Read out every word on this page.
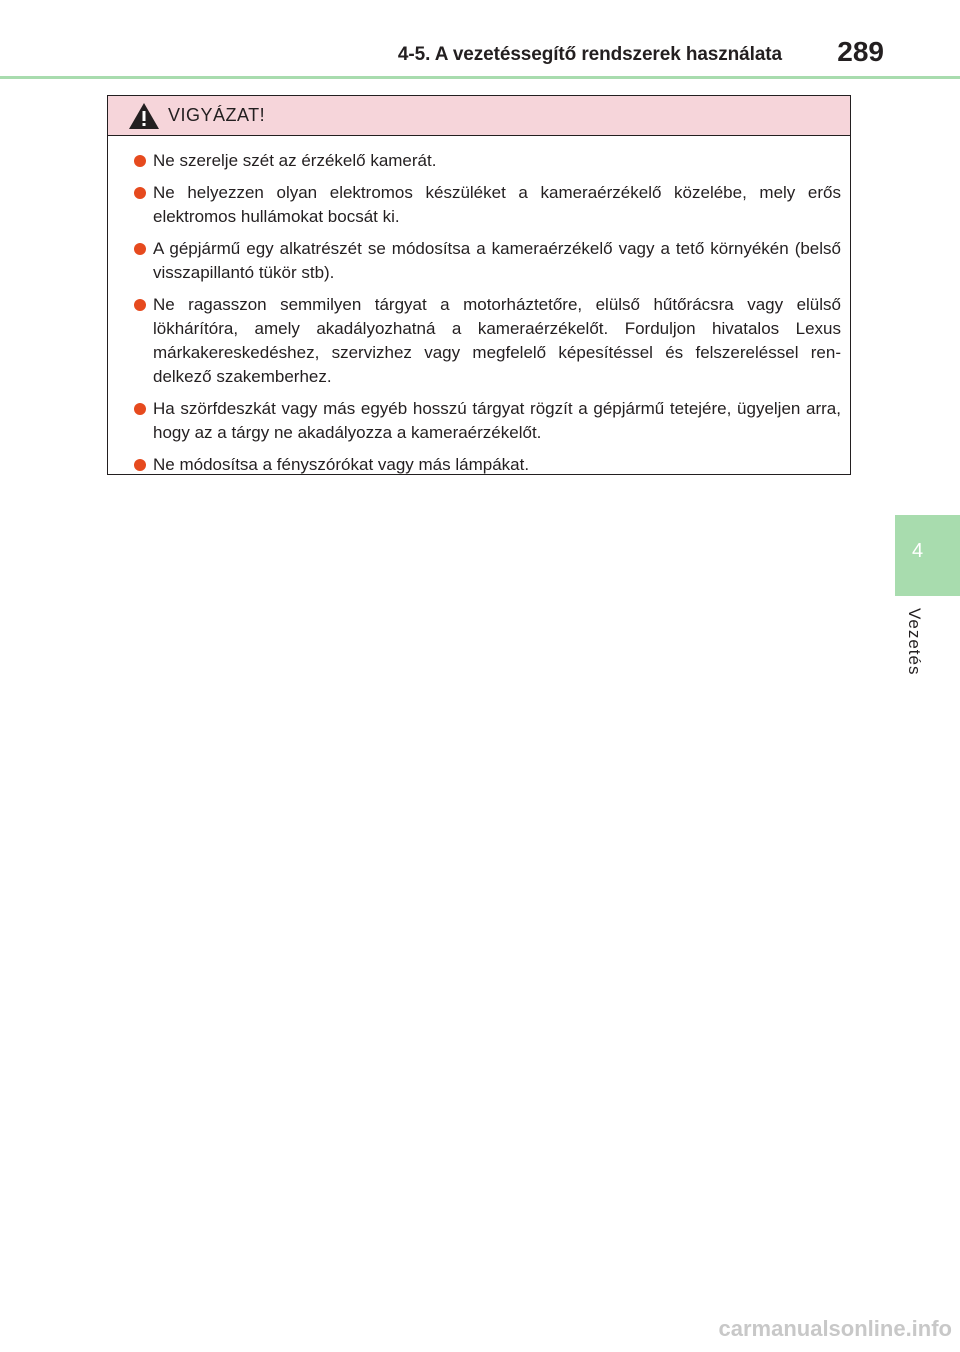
4-5. A vezetéssegítő rendszerek használata 289
4
Vezetés
VIGYÁZAT!
Ne szerelje szét az érzékelő kamerát.
Ne helyezzen olyan elektromos készüléket a kameraérzékelő közelébe, mely erős elektromos hullámokat bocsát ki.
A gépjármű egy alkatrészét se módosítsa a kameraérzékelő vagy a tető környékén (belső visszapillantó tükör stb).
Ne ragasszon semmilyen tárgyat a motorháztetőre, elülső hűtőrácsra vagy elülső lökhárítóra, amely akadályozhatná a kameraérzékelőt. Forduljon hivatalos Lexus márkakereskedéshez, szervizhez vagy megfelelő képesítéssel és felszereléssel ren-delkező szakemberhez.
Ha szörfdeszkát vagy más egyéb hosszú tárgyat rögzít a gépjármű tetejére, ügyeljen arra, hogy az a tárgy ne akadályozza a kameraérzékelőt.
Ne módosítsa a fényszórókat vagy más lámpákat.
carmanualsonline.info
